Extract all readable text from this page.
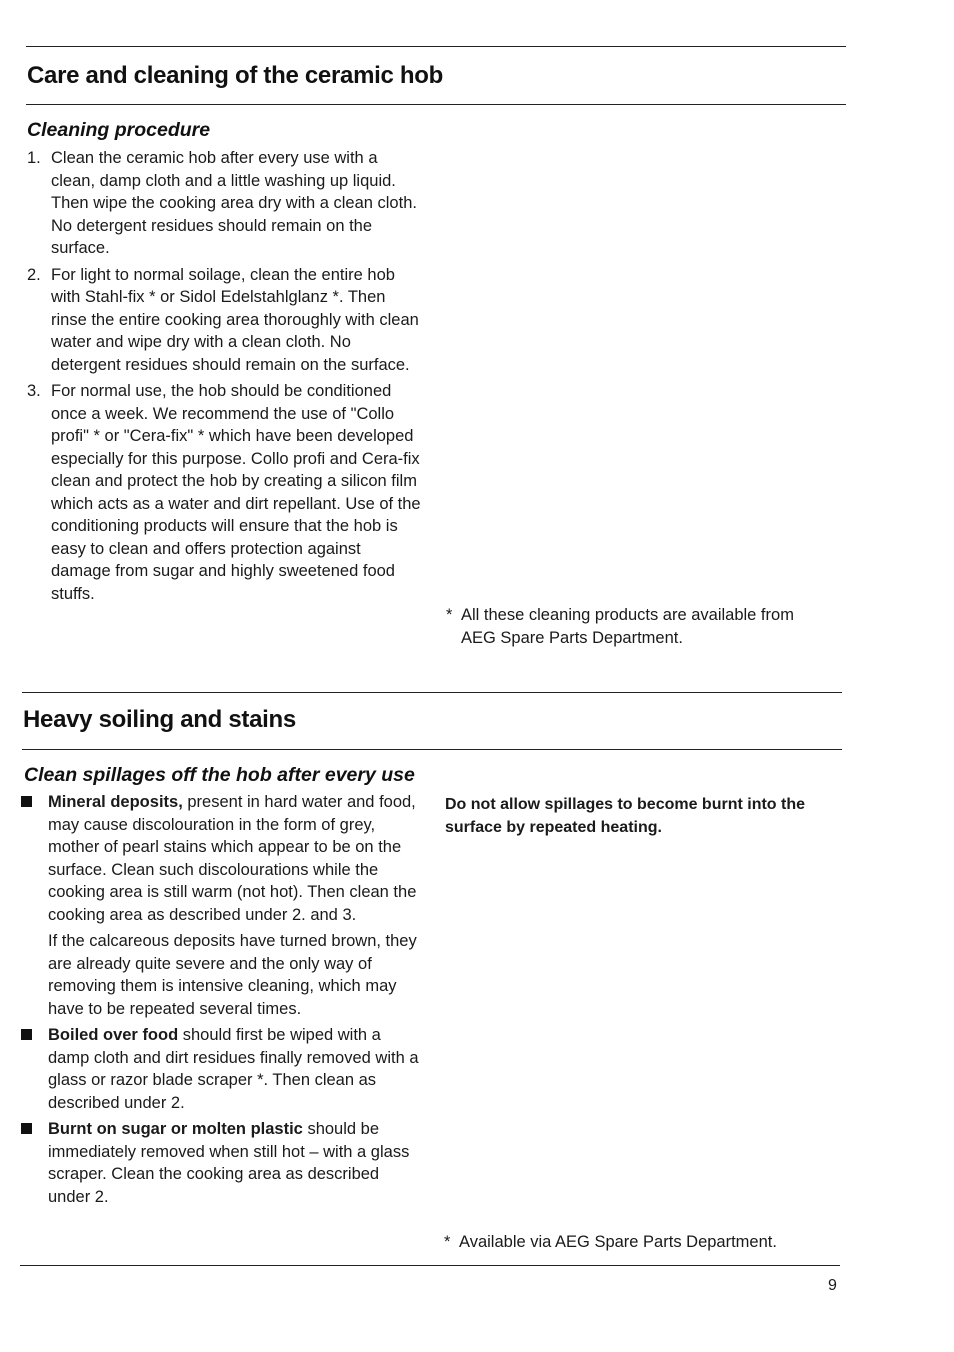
Care and cleaning of the ceramic hob
Cleaning procedure
1. Clean the ceramic hob after every use with a clean, damp cloth and a little washing up liquid. Then wipe the cooking area dry with a clean cloth. No detergent residues should remain on the surface.
2. For light to normal soilage, clean the entire hob with Stahl-fix * or Sidol Edelstahlglanz *. Then rinse the entire cooking area thoroughly with clean water and wipe dry with a clean cloth. No detergent residues should remain on the surface.
3. For normal use, the hob should be conditioned once a week. We recommend the use of "Collo profi" * or "Cera-fix" * which have been developed especially for this purpose. Collo profi and Cera-fix clean and protect the hob by creating a silicon film which acts as a water and dirt repellant. Use of the conditioning products will ensure that the hob is easy to clean and offers protection against damage from sugar and highly sweetened food stuffs.
* All these cleaning products are available from AEG Spare Parts Department.
Heavy soiling and stains
Clean spillages off the hob after every use
Mineral deposits, present in hard water and food, may cause discolouration in the form of grey, mother of pearl stains which appear to be on the surface. Clean such discolourations while the cooking area is still warm (not hot). Then clean the cooking area as described under 2. and 3.

If the calcareous deposits have turned brown, they are already quite severe and the only way of removing them is intensive cleaning, which may have to be repeated several times.

Boiled over food should first be wiped with a damp cloth and dirt residues finally removed with a glass or razor blade scraper *. Then clean as described under 2.
Burnt on sugar or molten plastic should be immediately removed when still hot – with a glass scraper. Clean the cooking area as described under 2.
Do not allow spillages to become burnt into the surface by repeated heating.
* Available via AEG Spare Parts Department.
9
